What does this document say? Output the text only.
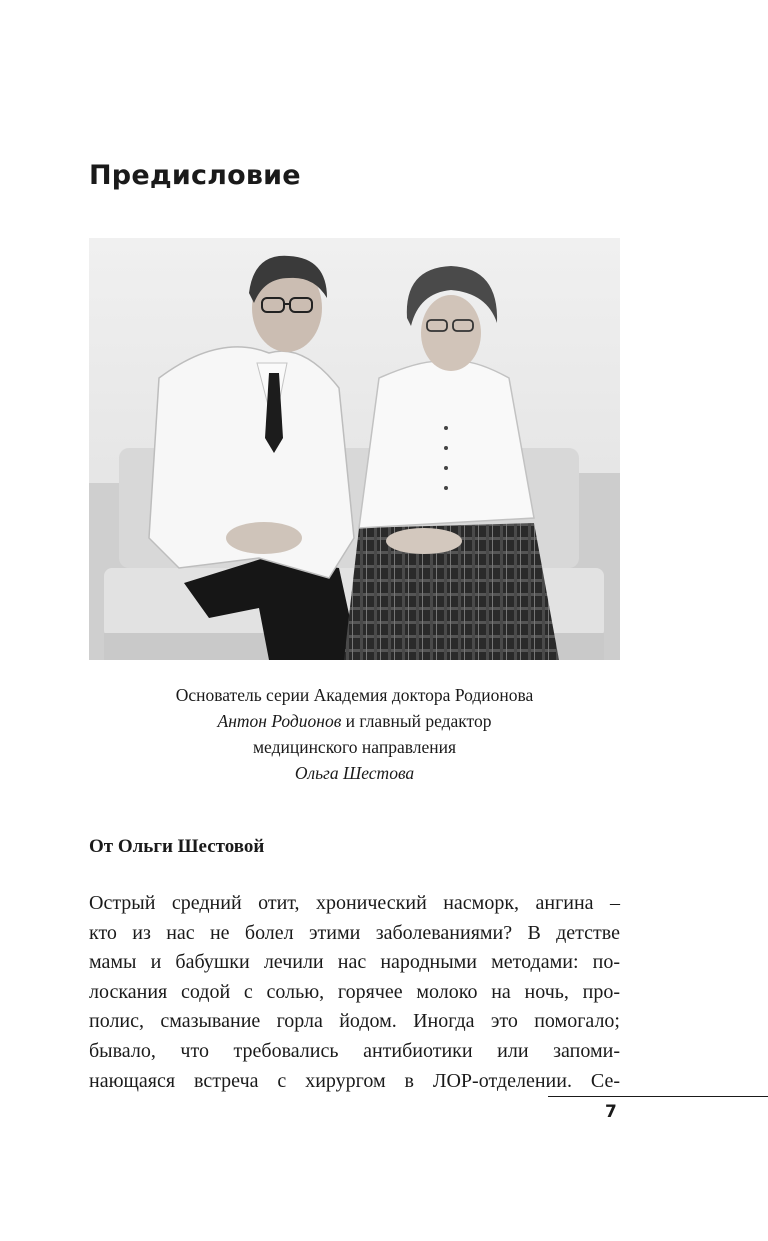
Предисловие
Основатель серии Академия доктора Родионова
Антон Родионов и главный редактор
медицинского направления
Ольга Шестова
От Ольги Шестовой
Острый средний отит, хронический насморк, ангина –
кто из нас не болел этими заболеваниями? В детстве
мамы и бабушки лечили нас народными методами: по-
лоскания содой с солью, горячее молоко на ночь, про-
полис, смазывание горла йодом. Иногда это помогало;
бывало, что требовались антибиотики или запоми-
нающаяся встреча с хирургом в ЛОР-отделении. Се-
7
